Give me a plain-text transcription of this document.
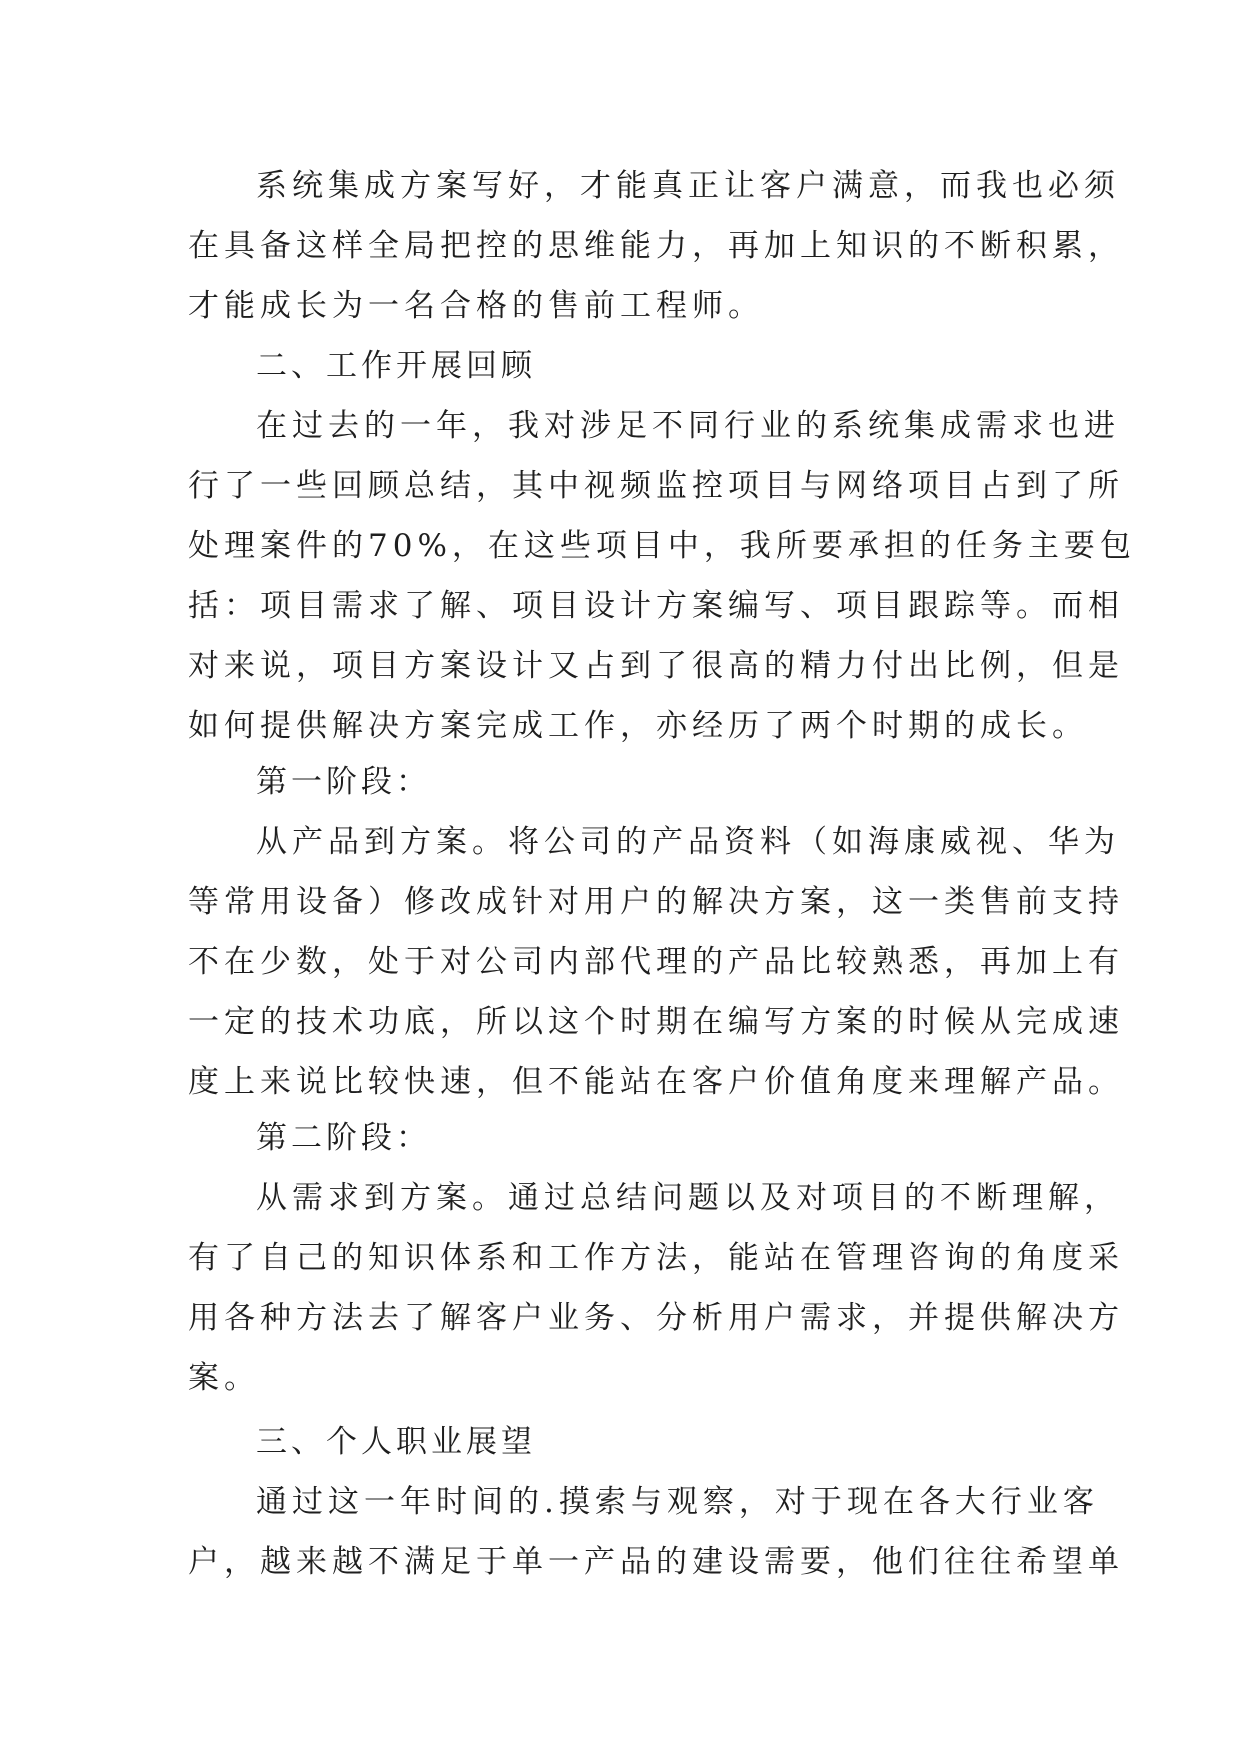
系统集成方案写好，才能真正让客户满意，而我也必须
在具备这样全局把控的思维能力，再加上知识的不断积累，
才能成长为一名合格的售前工程师。
二、工作开展回顾
在过去的一年，我对涉足不同行业的系统集成需求也进
行了一些回顾总结，其中视频监控项目与网络项目占到了所
处理案件的70%，在这些项目中，我所要承担的任务主要包
括：项目需求了解、项目设计方案编写、项目跟踪等。而相
对来说，项目方案设计又占到了很高的精力付出比例，但是
如何提供解决方案完成工作，亦经历了两个时期的成长。
第一阶段：
从产品到方案。将公司的产品资料（如海康威视、华为
等常用设备）修改成针对用户的解决方案，这一类售前支持
不在少数，处于对公司内部代理的产品比较熟悉，再加上有
一定的技术功底，所以这个时期在编写方案的时候从完成速
度上来说比较快速，但不能站在客户价值角度来理解产品。
第二阶段：
从需求到方案。通过总结问题以及对项目的不断理解，
有了自己的知识体系和工作方法，能站在管理咨询的角度采
用各种方法去了解客户业务、分析用户需求，并提供解决方
案。
三、个人职业展望
通过这一年时间的.摸索与观察，对于现在各大行业客
户，越来越不满足于单一产品的建设需要，他们往往希望单
